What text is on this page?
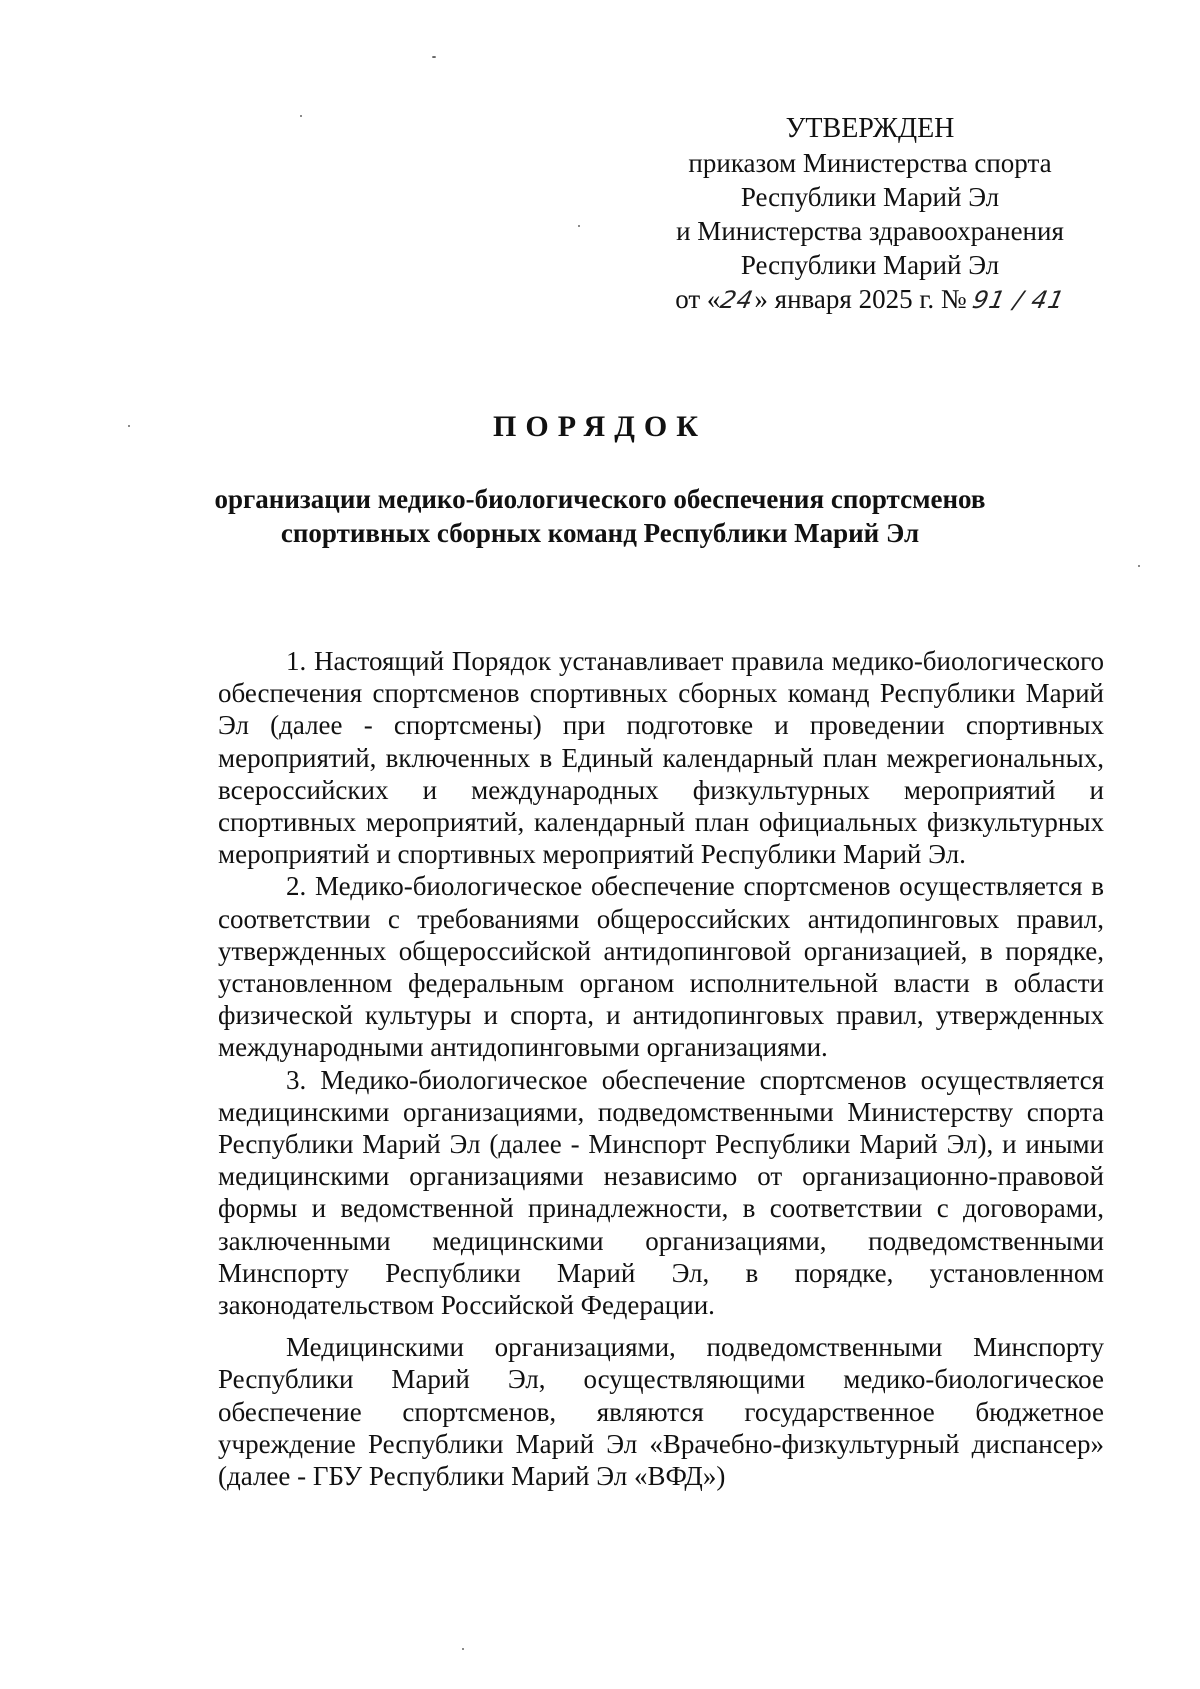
УТВЕРЖДЕН
приказом Министерства спорта
Республики Марий Эл
и Министерства здравоохранения
Республики Марий Эл
от «24» января 2025 г. № 91 / 41
ПОРЯДОК
организации медико-биологического обеспечения спортсменов
спортивных сборных команд Республики Марий Эл

1. Настоящий Порядок устанавливает правила медико-биологического обеспечения спортсменов спортивных сборных команд Республики Марий Эл (далее - спортсмены) при подготовке и проведении спортивных мероприятий, включенных в Единый календарный план межрегиональных, всероссийских и международных физкультурных мероприятий и спортивных мероприятий, календарный план официальных физкультурных мероприятий и спортивных мероприятий Республики Марий Эл.

2. Медико-биологическое обеспечение спортсменов осуществляется в соответствии с требованиями общероссийских антидопинговых правил, утвержденных общероссийской антидопинговой организацией, в порядке, установленном федеральным органом исполнительной власти в области физической культуры и спорта, и антидопинговых правил, утвержденных международными антидопинговыми организациями.

3. Медико-биологическое обеспечение спортсменов осуществляется медицинскими организациями, подведомственными Министерству спорта Республики Марий Эл (далее - Минспорт Республики Марий Эл), и иными медицинскими организациями независимо от организационно-правовой формы и ведомственной принадлежности, в соответствии с договорами, заключенными медицинскими организациями, подведомственными Минспорту Республики Марий Эл, в порядке, установленном законодательством Российской Федерации.

Медицинскими организациями, подведомственными Минспорту Республики Марий Эл, осуществляющими медико-биологическое обеспечение спортсменов, являются государственное бюджетное учреждение Республики Марий Эл «Врачебно-физкультурный диспансер» (далее - ГБУ Республики Марий Эл «ВФД»)
